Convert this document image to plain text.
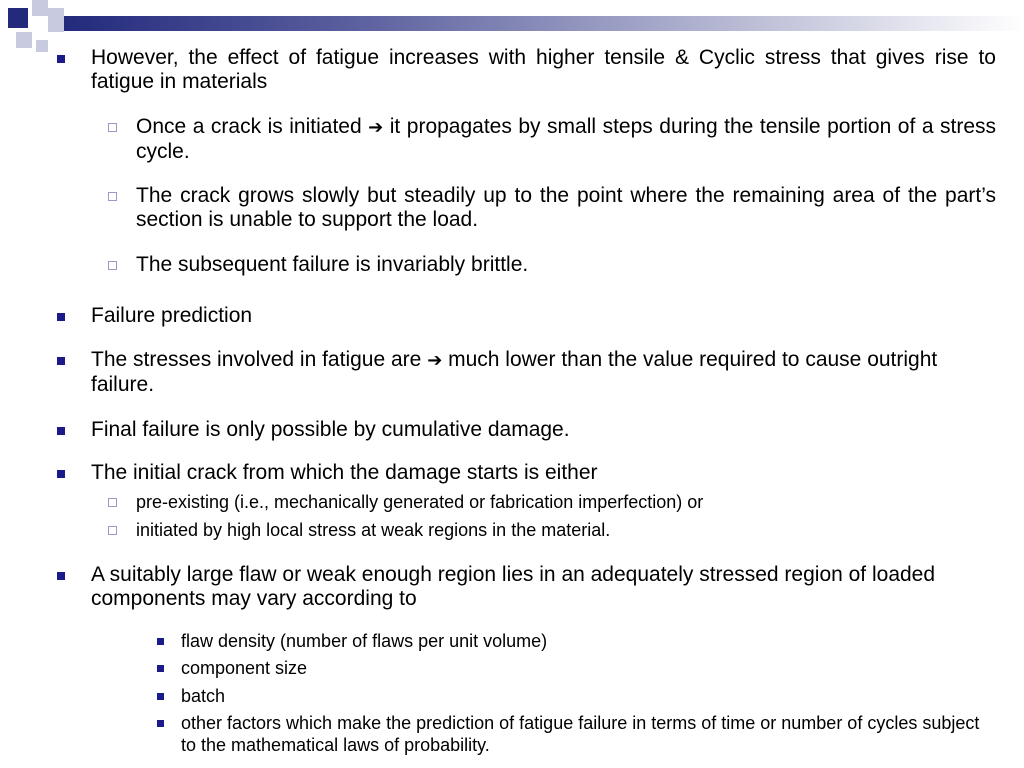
However, the effect of fatigue increases with higher tensile & Cyclic stress that gives rise to fatigue in materials

Once a crack is initiated ➔ it propagates by small steps during the tensile portion of a stress cycle.

The crack grows slowly but steadily up to the point where the remaining area of the part’s section is unable to support the load.

The subsequent failure is invariably brittle.

Failure prediction

The stresses involved in fatigue are ➔ much lower than the value required to cause outright failure.

Final failure is only possible by cumulative damage.

The initial crack from which the damage starts is either

pre-existing (i.e., mechanically generated or fabrication imperfection) or

initiated by high local stress at weak regions in the material.

A suitably large flaw or weak enough region lies in an adequately stressed region of loaded components may vary according to

flaw density (number of flaws per unit volume)

component size

batch

other factors which make the prediction of fatigue failure in terms of time or number of cycles subject to the mathematical laws of probability.
